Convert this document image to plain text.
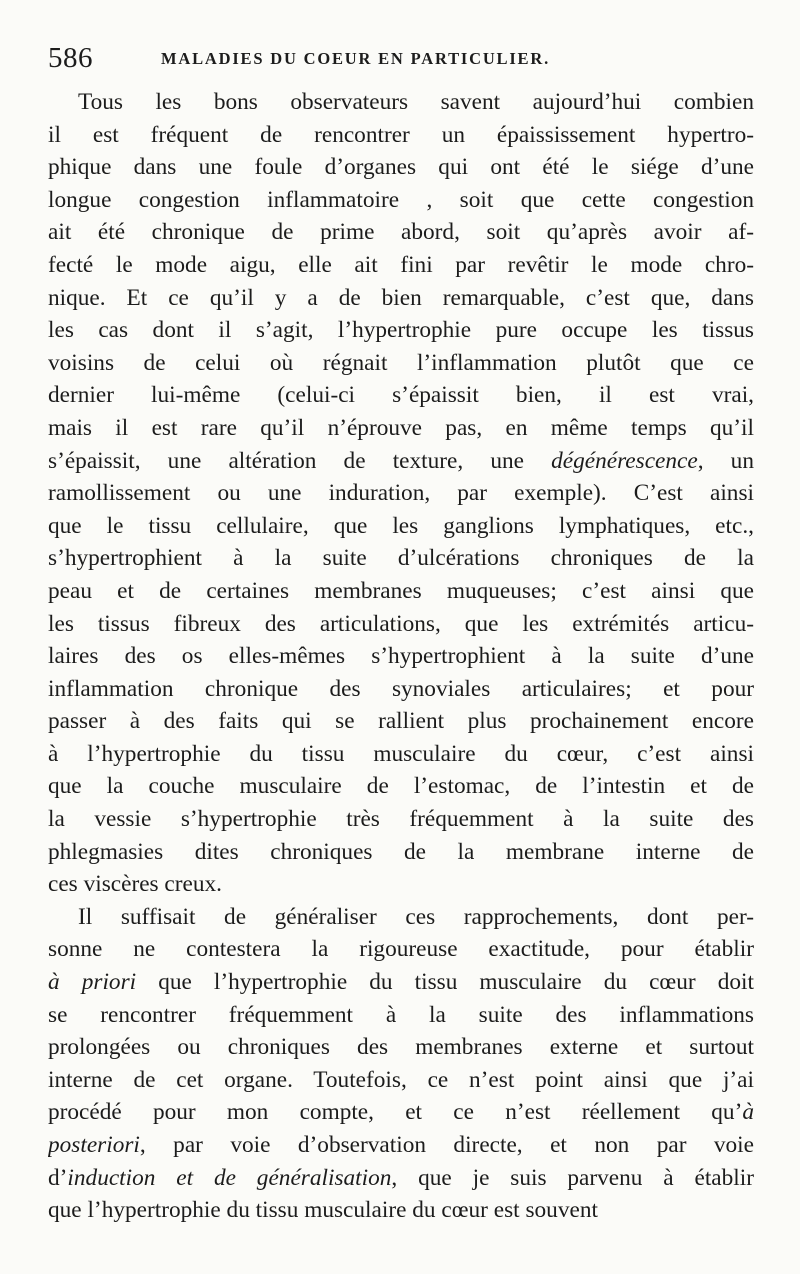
586	MALADIES DU COEUR EN PARTICULIER.
Tous les bons observateurs savent aujourd’hui combien
il est fréquent de rencontrer un épaississement hypertro-
phique dans une foule d’organes qui ont été le siége d’une
longue congestion inflammatoire , soit que cette congestion
ait été chronique de prime abord, soit qu’après avoir af-
fecté le mode aigu, elle ait fini par revêtir le mode chro-
nique. Et ce qu’il y a de bien remarquable, c’est que, dans
les cas dont il s’agit, l’hypertrophie pure occupe les tissus
voisins de celui où régnait l’inflammation plutôt que ce
dernier lui-même (celui-ci s’épaissit bien, il est vrai,
mais il est rare qu’il n’éprouve pas, en même temps qu’il
s’épaissit, une altération de texture, une dégénérescence, un
ramollissement ou une induration, par exemple). C’est ainsi
que le tissu cellulaire, que les ganglions lymphatiques, etc.,
s’hypertrophient à la suite d’ulcérations chroniques de la
peau et de certaines membranes muqueuses; c’est ainsi que
les tissus fibreux des articulations, que les extrémités articu-
laires des os elles-mêmes s’hypertrophient à la suite d’une
inflammation chronique des synoviales articulaires; et pour
passer à des faits qui se rallient plus prochainement encore
à l’hypertrophie du tissu musculaire du cœur, c’est ainsi
que la couche musculaire de l’estomac, de l’intestin et de
la vessie s’hypertrophie très fréquemment à la suite des
phlegmasies dites chroniques de la membrane interne de
ces viscères creux.
Il suffisait de généraliser ces rapprochements, dont per-
sonne ne contestera la rigoureuse exactitude, pour établir
à priori que l’hypertrophie du tissu musculaire du cœur doit
se rencontrer fréquemment à la suite des inflammations
prolongées ou chroniques des membranes externe et surtout
interne de cet organe. Toutefois, ce n’est point ainsi que j’ai
procédé pour mon compte, et ce n’est réellement qu’à
posteriori, par voie d’observation directe, et non par voie
d’induction et de généralisation, que je suis parvenu à établir
que l’hypertrophie du tissu musculaire du cœur est souvent
